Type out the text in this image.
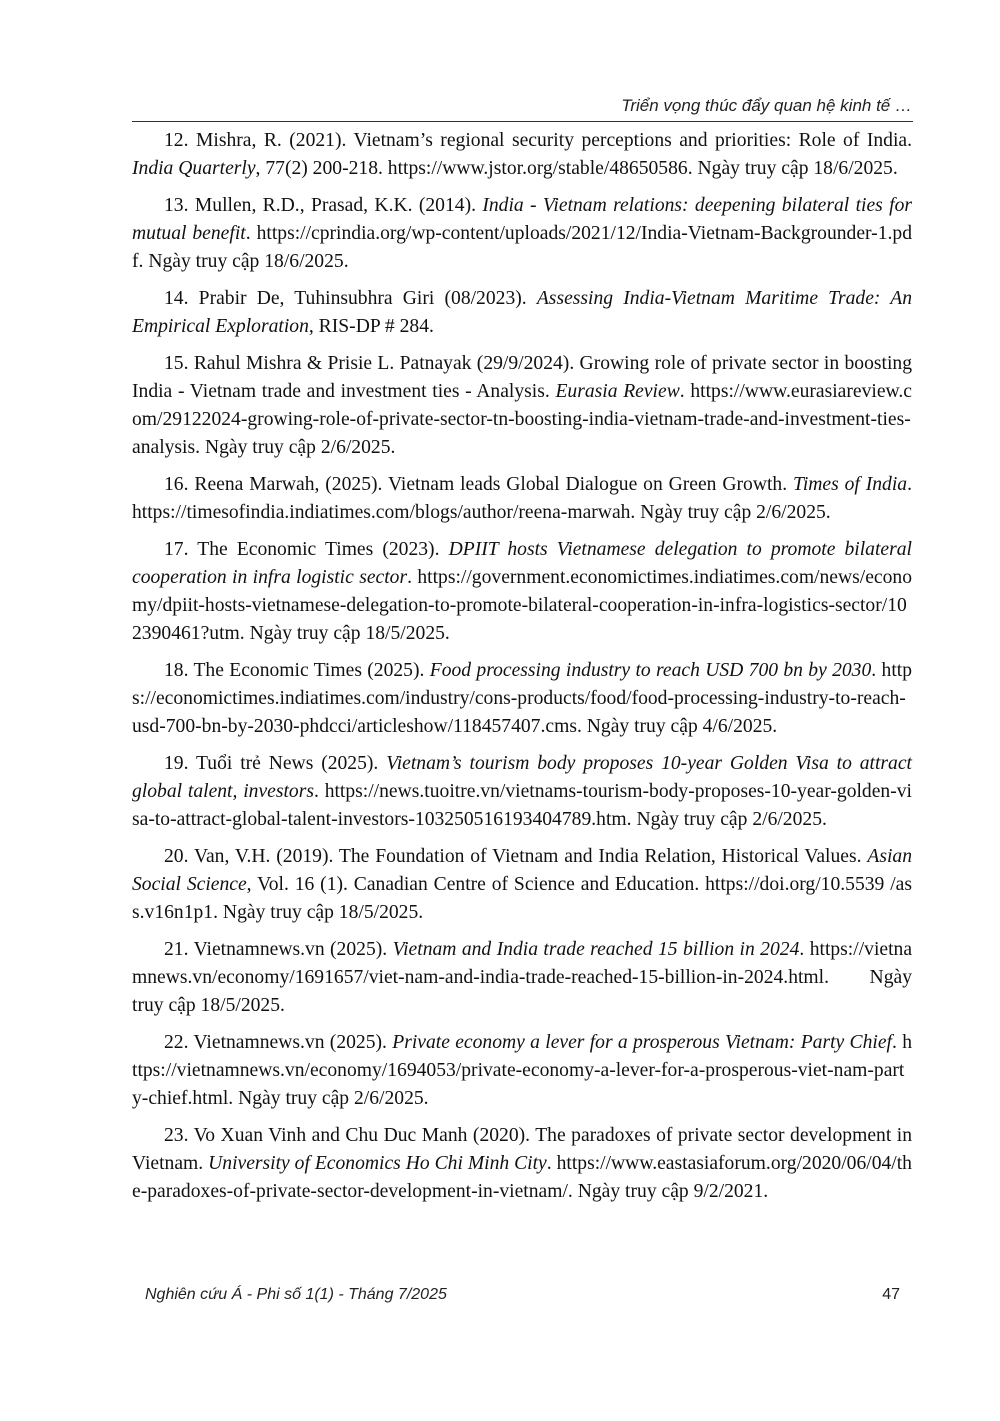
Triển vọng thúc đẩy quan hệ kinh tế …
12. Mishra, R. (2021). Vietnam’s regional security perceptions and priorities: Role of India. India Quarterly, 77(2) 200-218. https://www.jstor.org/stable/48650586. Ngày truy cập 18/6/2025.
13. Mullen, R.D., Prasad, K.K. (2014). India - Vietnam relations: deepening bilateral ties for mutual benefit. https://cprindia.org/wp-content/uploads/2021/12/India-Vietnam-Backgrounder-1.pdf. Ngày truy cập 18/6/2025.
14. Prabir De, Tuhinsubhra Giri (08/2023). Assessing India-Vietnam Maritime Trade: An Empirical Exploration, RIS-DP # 284.
15. Rahul Mishra & Prisie L. Patnayak (29/9/2024). Growing role of private sector in boosting India - Vietnam trade and investment ties - Analysis. Eurasia Review. https://www.eurasiareview.com/29122024-growing-role-of-private-sector-tn-boosting-india-vietnam-trade-and-investment-ties-analysis. Ngày truy cập 2/6/2025.
16. Reena Marwah, (2025). Vietnam leads Global Dialogue on Green Growth. Times of India. https://timesofindia.indiatimes.com/blogs/author/reena-marwah. Ngày truy cập 2/6/2025.
17. The Economic Times (2023). DPIIT hosts Vietnamese delegation to promote bilateral cooperation in infra logistic sector. https://government.economictimes.indiatimes.com/news/economy/dpiit-hosts-vietnamese-delegation-to-promote-bilateral-cooperation-in-infra-logistics-sector/102390461?utm. Ngày truy cập 18/5/2025.
18. The Economic Times (2025). Food processing industry to reach USD 700 bn by 2030. https://economictimes.indiatimes.com/industry/cons-products/food/food-processing-industry-to-reach-usd-700-bn-by-2030-phdcci/articleshow/118457407.cms. Ngày truy cập 4/6/2025.
19. Tuổi trẻ News (2025). Vietnam’s tourism body proposes 10-year Golden Visa to attract global talent, investors. https://news.tuoitre.vn/vietnams-tourism-body-proposes-10-year-golden-visa-to-attract-global-talent-investors-103250516193404789.htm. Ngày truy cập 2/6/2025.
20. Van, V.H. (2019). The Foundation of Vietnam and India Relation, Historical Values. Asian Social Science, Vol. 16 (1). Canadian Centre of Science and Education. https://doi.org/10.5539 /ass.v16n1p1. Ngày truy cập 18/5/2025.
21. Vietnamnews.vn (2025). Vietnam and India trade reached 15 billion in 2024. https://vietnamnews.vn/economy/1691657/viet-nam-and-india-trade-reached-15-billion-in-2024.html. Ngày truy cập 18/5/2025.
22. Vietnamnews.vn (2025). Private economy a lever for a prosperous Vietnam: Party Chief. https://vietnamnews.vn/economy/1694053/private-economy-a-lever-for-a-prosperous-viet-nam-party-chief.html. Ngày truy cập 2/6/2025.
23. Vo Xuan Vinh and Chu Duc Manh (2020). The paradoxes of private sector development in Vietnam. University of Economics Ho Chi Minh City. https://www.eastasiaforum.org/2020/06/04/the-paradoxes-of-private-sector-development-in-vietnam/. Ngày truy cập 9/2/2021.
Nghiên cứu Á - Phi số 1(1) - Tháng 7/2025	47
